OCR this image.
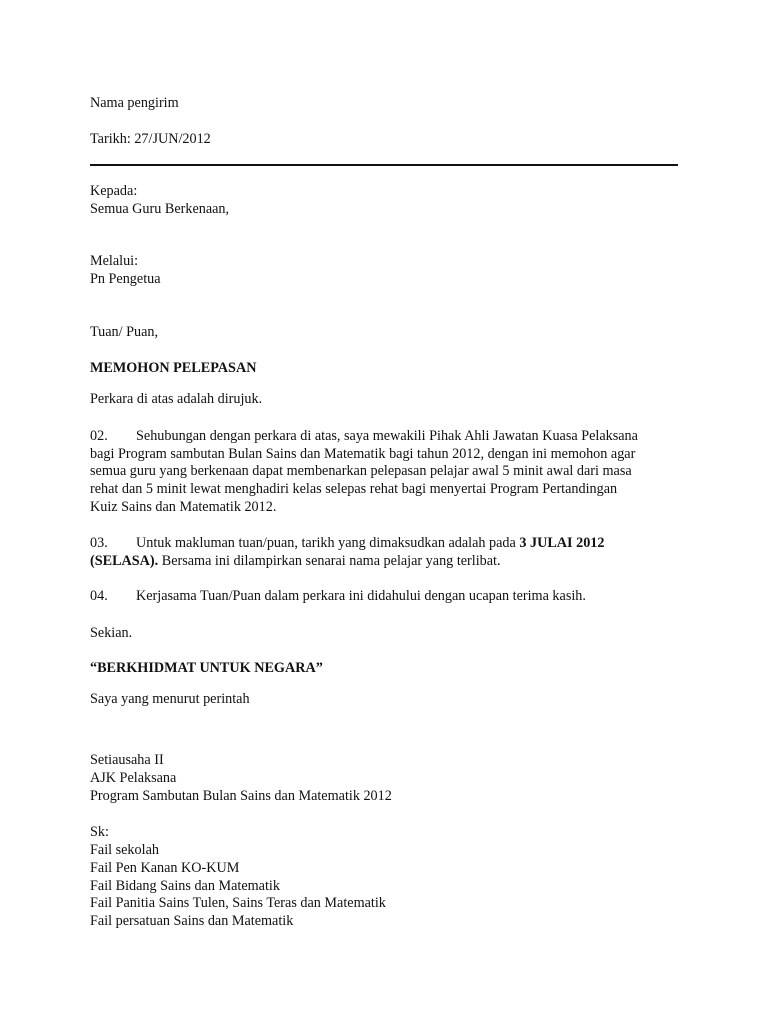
Nama pengirim
Tarikh: 27/JUN/2012
Kepada:
Semua Guru Berkenaan,
Melalui:
Pn Pengetua
Tuan/ Puan,
MEMOHON PELEPASAN
Perkara di atas adalah dirujuk.
02. Sehubungan dengan perkara di atas, saya mewakili Pihak Ahli Jawatan Kuasa Pelaksana
bagi Program sambutan Bulan Sains dan Matematik bagi tahun 2012, dengan ini memohon agar
semua guru yang berkenaan dapat membenarkan pelepasan pelajar awal 5 minit awal dari masa
rehat dan 5 minit lewat menghadiri kelas selepas rehat bagi menyertai Program Pertandingan
Kuiz Sains dan Matematik 2012.
03. Untuk makluman tuan/puan, tarikh yang dimaksudkan adalah pada 3 JULAI 2012
(SELASA). Bersama ini dilampirkan senarai nama pelajar yang terlibat.
04. Kerjasama Tuan/Puan dalam perkara ini didahului dengan ucapan terima kasih.
Sekian.
“BERKHIDMAT UNTUK NEGARA”
Saya yang menurut perintah
Setiausaha II
AJK Pelaksana
Program Sambutan Bulan Sains dan Matematik 2012
Sk:
Fail sekolah
Fail Pen Kanan KO-KUM
Fail Bidang Sains dan Matematik
Fail Panitia Sains Tulen, Sains Teras dan Matematik
Fail persatuan Sains dan Matematik
